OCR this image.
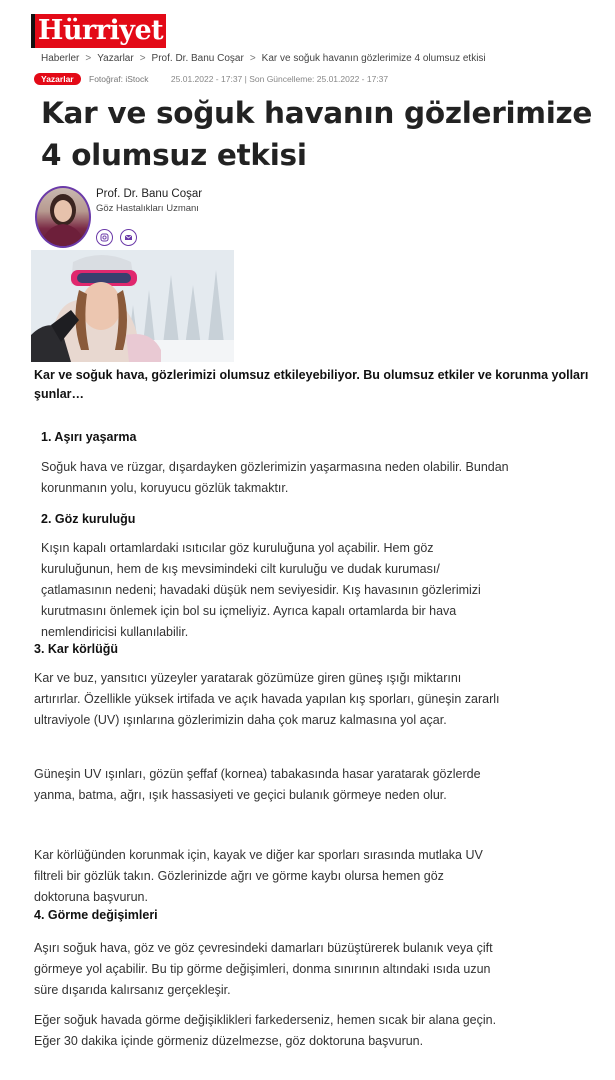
Hürriyet
Haberler > Yazarlar > Prof. Dr. Banu Coşar > Kar ve soğuk havanın gözlerimize 4 olumsuz etkisi
Yazarlar Fotoğraf: iStock	25.01.2022 - 17:37 | Son Güncelleme: 25.01.2022 - 17:37
Kar ve soğuk havanın gözlerimize 4 olumsuz etkisi
Prof. Dr. Banu Coşar
Göz Hastalıkları Uzmanı

Kar ve soğuk hava, gözlerimizi olumsuz etkileyebiliyor. Bu olumsuz etkiler ve korunma yolları şunlar…

1. Aşırı yaşarma

Soğuk hava ve rüzgar, dışardayken gözlerimizin yaşarmasına neden olabilir. Bundan korunmanın yolu, koruyucu gözlük takmaktır.

2. Göz kuruluğu

Kışın kapalı ortamlardaki ısıtıcılar göz kuruluğuna yol açabilir. Hem göz kuruluğunun, hem de kış mevsimindeki cilt kuruluğu ve dudak kuruması/ çatlamasının nedeni; havadaki düşük nem seviyesidir. Kış havasının gözlerimizi kurutmasını önlemek için bol su içmeliyiz. Ayrıca kapalı ortamlarda bir hava nemlendiricisi kullanılabilir.

3. Kar körlüğü

Kar ve buz, yansıtıcı yüzeyler yaratarak gözümüze giren güneş ışığı miktarını artırırlar. Özellikle yüksek irtifada ve açık havada yapılan kış sporları, güneşin zararlı ultraviyole (UV) ışınlarına gözlerimizin daha çok maruz kalmasına yol açar.

Güneşin UV ışınları, gözün şeffaf (kornea) tabakasında hasar yaratarak gözlerde yanma, batma, ağrı, ışık hassasiyeti ve geçici bulanık görmeye neden olur.

Kar körlüğünden korunmak için, kayak ve diğer kar sporları sırasında mutlaka UV filtreli bir gözlük takın. Gözlerinizde ağrı ve görme kaybı olursa hemen göz doktoruna başvurun.

4. Görme değişimleri

Aşırı soğuk hava, göz ve göz çevresindeki damarları büzüştürerek bulanık veya çift görmeye yol açabilir. Bu tip görme değişimleri, donma sınırının altındaki ısıda uzun süre dışarıda kalırsanız gerçekleşir.

Eğer soğuk havada görme değişiklikleri farkederseniz, hemen sıcak bir alana geçin. Eğer 30 dakika içinde görmeniz düzelmezse, göz doktoruna başvurun.
